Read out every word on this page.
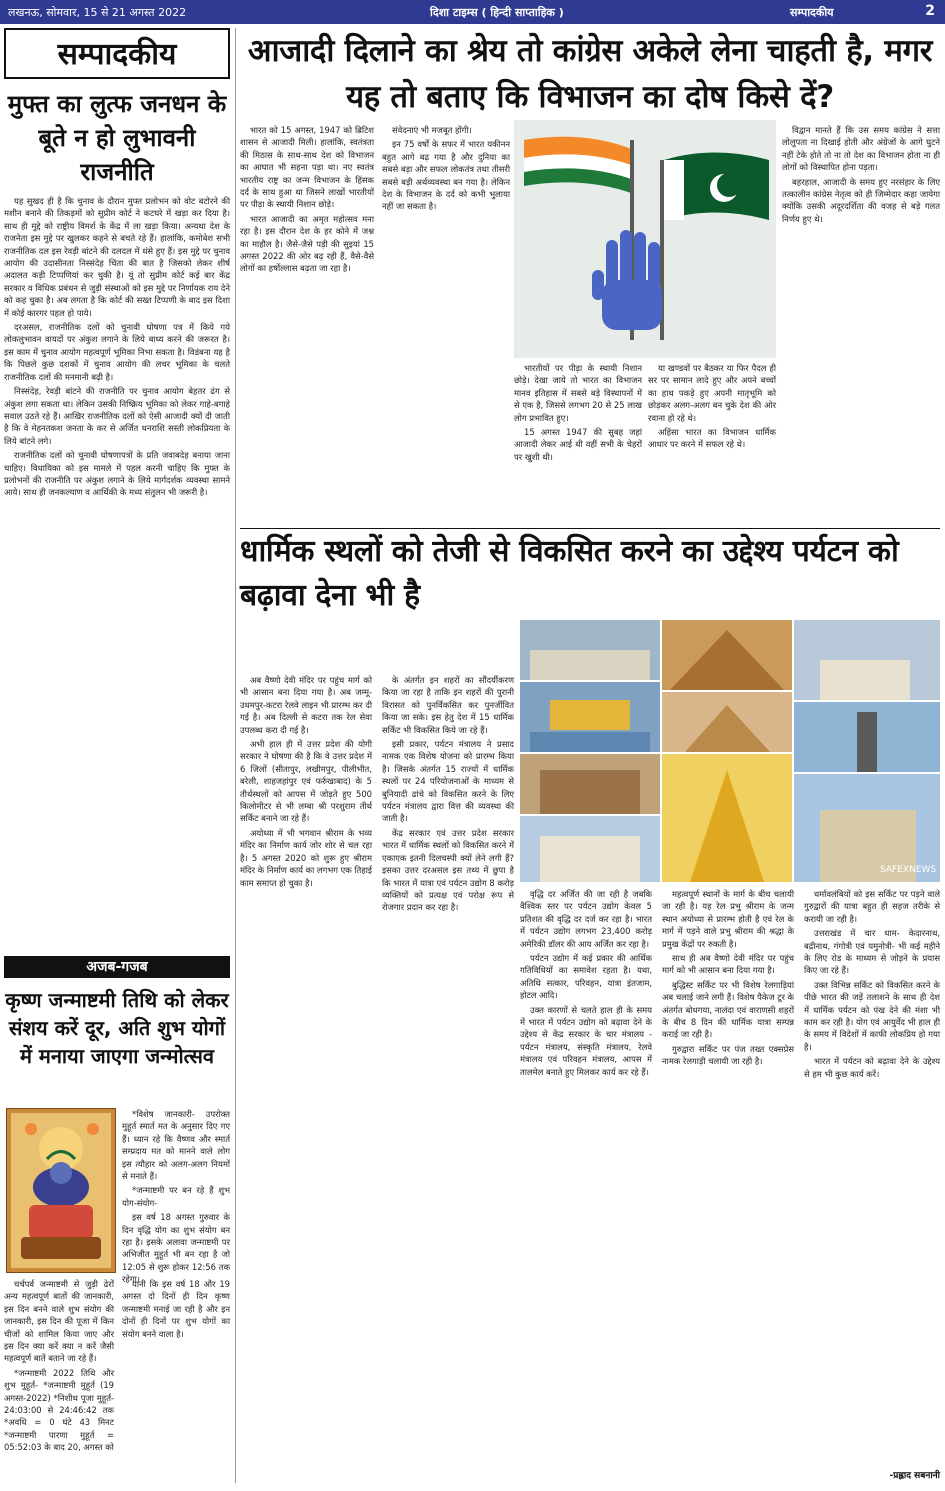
लखनऊ, सोमवार, 15 से 21 अगस्त 2022	दिशा टाइम्स ( हिन्दी साप्ताहिक )	सम्पादकीय	2
सम्पादकीय
मुफ्त का लुत्फ जनधन के बूते न हो लुभावनी राजनीति

यह सुखद ही है कि चुनाव के दौरान मुफ्त प्रलोभन को वोट बटोरने की मशीन बनाने की तिकड़मों को सुप्रीम कोर्ट ने कटघरे में खड़ा कर दिया है। साथ ही मुद्दे को राष्ट्रीय विमर्श के केंद्र में ला खड़ा किया। अन्यथा देश के राजनेता इस मुद्दे पर खुलकर कहने से बचते रहे हैं। हालांकि, कमोबेश सभी राजनीतिक दल इस रेवड़ी बांटने की दलदल में धंसे हुए हैं। इस मुद्दे पर चुनाव आयोग की उदासीनता निस्संदेह चिंता की बात है जिसको लेकर शीर्ष अदालत कड़ी टिप्पणियां कर चुकी है। यूं तो सुप्रीम कोर्ट कई बार केंद्र सरकार व विधिक प्रबंधन से जुड़ी संस्थाओं को इस मुद्दे पर निर्णायक राय देने को कह चुका है। अब लगता है कि कोर्ट की सख्त टिप्पणी के बाद इस दिशा में कोई कारगर पहल हो पाये।

दरअसल, राजनीतिक दलों को चुनावी घोषणा पत्र में किये गये लोकलुभावन वायदों पर अंकुश लगाने के लिये बाध्य करने की जरूरत है। इस काम में चुनाव आयोग महत्वपूर्ण भूमिका निभा सकता है। विडंबना यह है कि पिछले कुछ दशकों में चुनाव आयोग की लचर भूमिका के चलते राजनीतिक दलों की मनमानी बढ़ी है।

निस्संदेह, रेवड़ी बांटने की राजनीति पर चुनाव आयोग बेहतर ढंग से अंकुश लगा सकता था। लेकिन उसकी निष्क्रिय भूमिका को लेकर गाहे-बगाहे सवाल उठते रहे हैं। आखिर राजनीतिक दलों को ऐसी आजादी क्यों दी जाती है कि वे मेहनतकश जनता के कर से अर्जित धनराशि सस्ती लोकप्रियता के लिये बांटने लगे।

राजनीतिक दलों को चुनावी घोषणापत्रों के प्रति जवाबदेह बनाया जाना चाहिए। विधायिका को इस मामले में पहल करनी चाहिए कि मुफ्त के प्रलोभनों की राजनीति पर अंकुश लगाने के लिये मार्गदर्शक व्यवस्था सामने आये। साथ ही जनकल्याण व आर्थिकी के मध्य संतुलन भी जरूरी है।

अजब-गजब
कृष्ण जन्माष्टमी तिथि को लेकर संशय करें दूर, अति शुभ योगों में मनाया जाएगा जन्मोत्सव

*विशेष जानकारी- उपरोक्त मुहूर्त स्मार्त मत के अनुसार दिए गए हैं। ध्यान रहे कि वैष्णव और स्मार्त सम्प्रदाय मत को मानने वाले लोग इस त्यौहार को अलग-अलग नियमों से मनाते हैं।

*जन्माष्टमी पर बन रहे हैं शुभ योग-संयोग-

इस वर्ष 18 अगस्त गुरुवार के दिन वृद्धि योग का शुभ संयोग बन रहा है। इसके अलावा जन्माष्टमी पर अभिजीत मुहूर्त भी बन रहा है जो 12:05 से शुरू होकर 12:56 तक रहेगा।

चर्चपर्व जन्माष्टमी से जुड़ी ढेरों अन्य महत्वपूर्ण बातों की जानकारी, इस दिन बनने वाले शुभ संयोग की जानकारी, इस दिन की पूजा में किन चीजों को शामिल किया जाए और इस दिन क्या करें क्या न करें जैसी महत्वपूर्ण बातें बताने जा रहे हैं।

*जन्माष्टमी 2022 तिथि और शुभ मुहूर्त- *जन्माष्टमी मुहूर्त (19 अगस्त-2022) *निशीथ पूजा मुहूर्त- 24:03:00 से 24:46:42 तक *अवधि = 0 घंटे 43 मिनट *जन्माष्टमी पारणा मुहूर्त = 05:52:03 के बाद 20, अगस्त को

यानी कि इस वर्ष 18 और 19 अगस्त दो दिनों ही दिन कृष्ण जन्माष्टमी मनाई जा रही है और इन दोनों ही दिनों पर शुभ योगों का संयोग बनने वाला है।

आजादी दिलाने का श्रेय तो कांग्रेस अकेले लेना चाहती है, मगर यह तो बताए कि विभाजन का दोष किसे दें?

भारत को 15 अगस्त, 1947 को ब्रिटिश शासन से आजादी मिली। हालांकि, स्वतंत्रता की मिठास के साथ-साथ देश को विभाजन का आघात भी सहना पड़ा था। नए स्वतंत्र भारतीय राष्ट्र का जन्म विभाजन के हिंसक दर्द के साथ हुआ था जिसने लाखों भारतीयों पर पीड़ा के स्थायी निशान छोड़े।

भारत आजादी का अमृत महोत्सव मना रहा है। इस दौरान देश के हर कोने में जश्न का माहौल है। जैसे-जैसे पड़ी की सुइयां 15 अगस्त 2022 की ओर बढ़ रही हैं, वैसे-वैसे लोगों का हर्षोल्लास बढ़ता जा रहा है।

संवेदनाएं भी मजबूत होंगी।

इन 75 वर्षों के सफर में भारत यकीनन बहुत आगे बढ़ गया है और दुनिया का सबसे बड़ा और सफल लोकतंत्र तथा तीसरी सबसे बड़ी अर्थव्यवस्था बन गया है। लेकिन देश के विभाजन के दर्द को कभी भुलाया नहीं जा सकता है।

भारतीयों पर पीड़ा के स्थायी निशान छोड़े। देखा जाये तो भारत का विभाजन मानव इतिहास में सबसे बड़े विस्थापनों में से एक है, जिससे लगभग 20 से 25 लाख लोग प्रभावित हुए।

15 अगस्त 1947 की सुबह जहां आजादी लेकर आई थी वहीं सभी के चेहरों पर खुशी थी।

या खण्डवों पर बैठकर या फिर पैदल ही सर पर सामान लादे हुए और अपने बच्चों का हाथ पकड़े हुए अपनी मातृभूमि को छोड़कर अलग-अलग बन चुके देश की ओर रवाना हो रहे थे।

अहिंसा भारत का विभाजन धार्मिक आधार पर करने में सफल रहे थे।

विद्वान मानते हैं कि उस समय कांग्रेस ने सत्ता लोलुपता ना दिखाई होती और अंग्रेजों के आगे घुटने नहीं टेके होते तो ना तो देश का विभाजन होता ना ही लोगों को विस्थापित होना पड़ता।

बहरहाल, आजादी के समय हुए नरसंहार के लिए तत्कालीन कांग्रेस नेतृत्व को ही जिम्मेदार कहा जायेगा क्योंकि उसकी अदूरदर्शिता की वजह से बड़े गलत निर्णय हुए थे।

धार्मिक स्थलों को तेजी से विकसित करने का उद्देश्य पर्यटन को बढ़ावा देना भी है
SAFEXNEWS

अब वैष्णो देवी मंदिर पर पहुंच मार्ग को भी आसान बना दिया गया है। अब जम्मू-उधमपुर-कटरा रेलवे लाइन भी प्रारम्भ कर दी गई है। अब दिल्ली से कटरा तक रेल सेवा उपलब्ध करा दी गई है।

अभी हाल ही में उत्तर प्रदेश की योगी सरकार ने घोषणा की है कि वे उत्तर प्रदेश में 6 जिलों (सीतापुर, लखीमपुर, पीलीभीत, बरेली, शाहजहांपुर एवं फर्रुखाबाद) के 5 तीर्थस्थलों को आपस में जोड़ते हुए 500 किलोमीटर से भी लम्बा श्री परशुराम तीर्थ सर्किट बनाने जा रहे हैं।

अयोध्या में भी भगवान श्रीराम के भव्य मंदिर का निर्माण कार्य जोर शोर से चल रहा है। 5 अगस्त 2020 को शुरू हुए श्रीराम मंदिर के निर्माण कार्य का लगभग एक तिहाई काम समाप्त हो चुका है।

के अंतर्गत इन शहरों का सौंदर्यीकरण किया जा रहा है ताकि इन शहरों की पुरानी विरासत को पुनर्विकसित कर पुनर्जीवित किया जा सके। इस हेतु देश में 15 धार्मिक सर्किट भी विकसित किये जा रहे हैं।

इसी प्रकार, पर्यटन मंत्रालय ने प्रसाद नामक एक विशेष योजना को प्रारम्भ किया है। जिसके अंतर्गत 15 राज्यों में धार्मिक स्थलों पर 24 परियोजनाओं के माध्यम से बुनियादी ढांचे को विकसित करने के लिए पर्यटन मंत्रालय द्वारा वित्त की व्यवस्था की जाती है।

केंद्र सरकार एवं उत्तर प्रदेश सरकार भारत में धार्मिक स्थलों को विकसित करने में एकाएक इतनी दिलचस्पी क्यों लेने लगी हैं? इसका उत्तर दरअसल इस तथ्य में छुपा है कि भारत में यात्रा एवं पर्यटन उद्योग 8 करोड़ व्यक्तियों को प्रत्यक्ष एवं परोक्ष रूप से रोजगार प्रदान कर रहा है।

वृद्धि दर अर्जित की जा रही है जबकि वैश्विक स्तर पर पर्यटन उद्योग केवल 5 प्रतिशत की वृद्धि दर दर्ज कर रहा है। भारत में पर्यटन उद्योग लगभग 23,400 करोड़ अमेरिकी डॉलर की आय अर्जित कर रहा है।

पर्यटन उद्योग में कई प्रकार की आर्थिक गतिविधियों का समावेश रहता है। यथा, अतिथि सत्कार, परिवहन, यात्रा इंतजाम, होटल आदि।

उक्त कारणों से चलते हाल ही के समय में भारत में पर्यटन उद्योग को बढ़ावा देने के उद्देश्य से केंद्र सरकार के चार मंत्रालय - पर्यटन मंत्रालय, संस्कृति मंत्रालय, रेलवे मंत्रालय एवं परिवहन मंत्रालय, आपस में तालमेल बनाते हुए मिलकर कार्य कर रहे हैं।

महत्वपूर्ण स्थानों के मार्ग के बीच चलायी जा रही है। यह रेल प्रभु श्रीराम के जन्म स्थान अयोध्या से प्रारम्भ होती है एवं रेल के मार्ग में पड़ने वाले प्रभु श्रीराम की श्रद्धा के प्रमुख केंद्रों पर रुकती है।

साथ ही अब वैष्णो देवी मंदिर पर पहुंच मार्ग को भी आसान बना दिया गया है।

बुद्धिस्ट सर्किट पर भी विशेष रेलगाड़ियां अब चलाई जाने लगी हैं। विशेष पैकेज टूर के अंतर्गत बोधगया, नालंदा एवं वाराणसी शहरों के बीच 8 दिन की धार्मिक यात्रा सम्पन्न कराई जा रही है।

गुरुद्वारा सर्किट पर पंज तख्त एक्सप्रेस नामक रेलगाड़ी चलायी जा रही है।

धर्मावलंबियों को इस सर्किट पर पड़ने वाले गुरुद्वारों की यात्रा बहुत ही सहज तरीके से करायी जा रही है।

उत्तराखंड में चार धाम- केदारनाथ, बद्रीनाथ, गंगोत्री एवं यमुनोत्री- भी कई महीने के लिए रोड के माध्यम से जोड़ने के प्रयास किए जा रहे हैं।

उक्त विभिन्न सर्किट को विकसित करने के पीछे भारत की जड़ें तलाशने के साथ ही देश में धार्मिक पर्यटन को पंख देने की मंशा भी काम कर रही है। योग एवं आयुर्वेद भी हाल ही के समय में विदेशों में काफी लोकप्रिय हो गया है।

भारत में पर्यटन को बढ़ावा देने के उद्देश्य से हम भी कुछ कार्य करें।

-प्रह्लाद सबनानी
